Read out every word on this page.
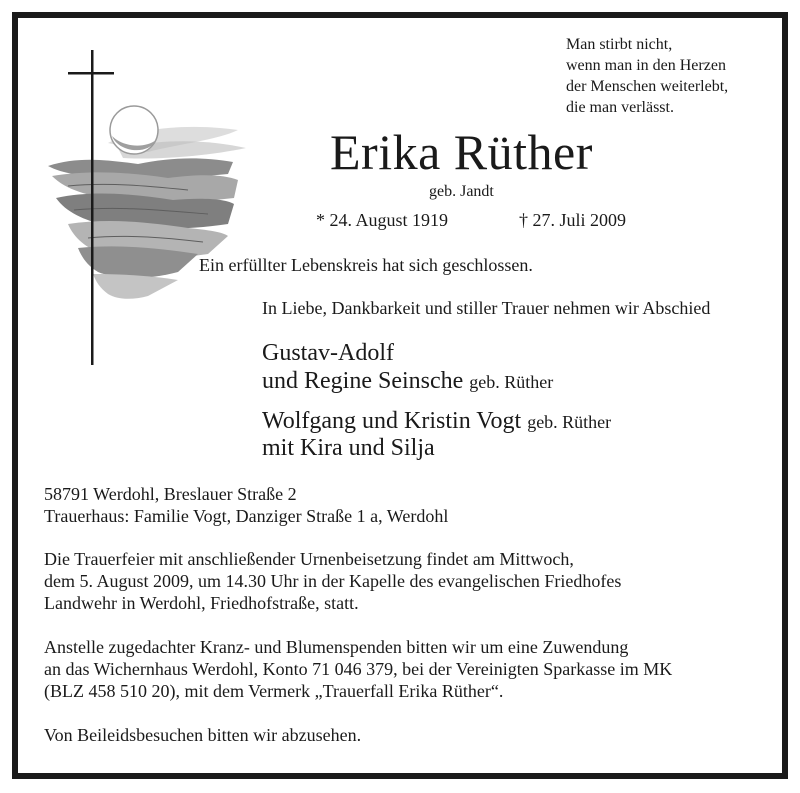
Man stirbt nicht,
wenn man in den Herzen
der Menschen weiterlebt,
die man verlässt.
Erika Rüther
geb. Jandt
* 24. August 1919	† 27. Juli 2009
Ein erfüllter Lebenskreis hat sich geschlossen.
In Liebe, Dankbarkeit und stiller Trauer nehmen wir Abschied
Gustav-Adolf
und Regine Seinsche geb. Rüther
Wolfgang und Kristin Vogt geb. Rüther
mit Kira und Silja
58791 Werdohl, Breslauer Straße 2
Trauerhaus: Familie Vogt, Danziger Straße 1 a, Werdohl
Die Trauerfeier mit anschließender Urnenbeisetzung findet am Mittwoch,
dem 5. August 2009, um 14.30 Uhr in der Kapelle des evangelischen Friedhofes
Landwehr in Werdohl, Friedhofstraße, statt.
Anstelle zugedachter Kranz- und Blumenspenden bitten wir um eine Zuwendung
an das Wichernhaus Werdohl, Konto 71 046 379, bei der Vereinigten Sparkasse im MK
(BLZ 458 510 20), mit dem Vermerk „Trauerfall Erika Rüther“.
Von Beileidsbesuchen bitten wir abzusehen.
